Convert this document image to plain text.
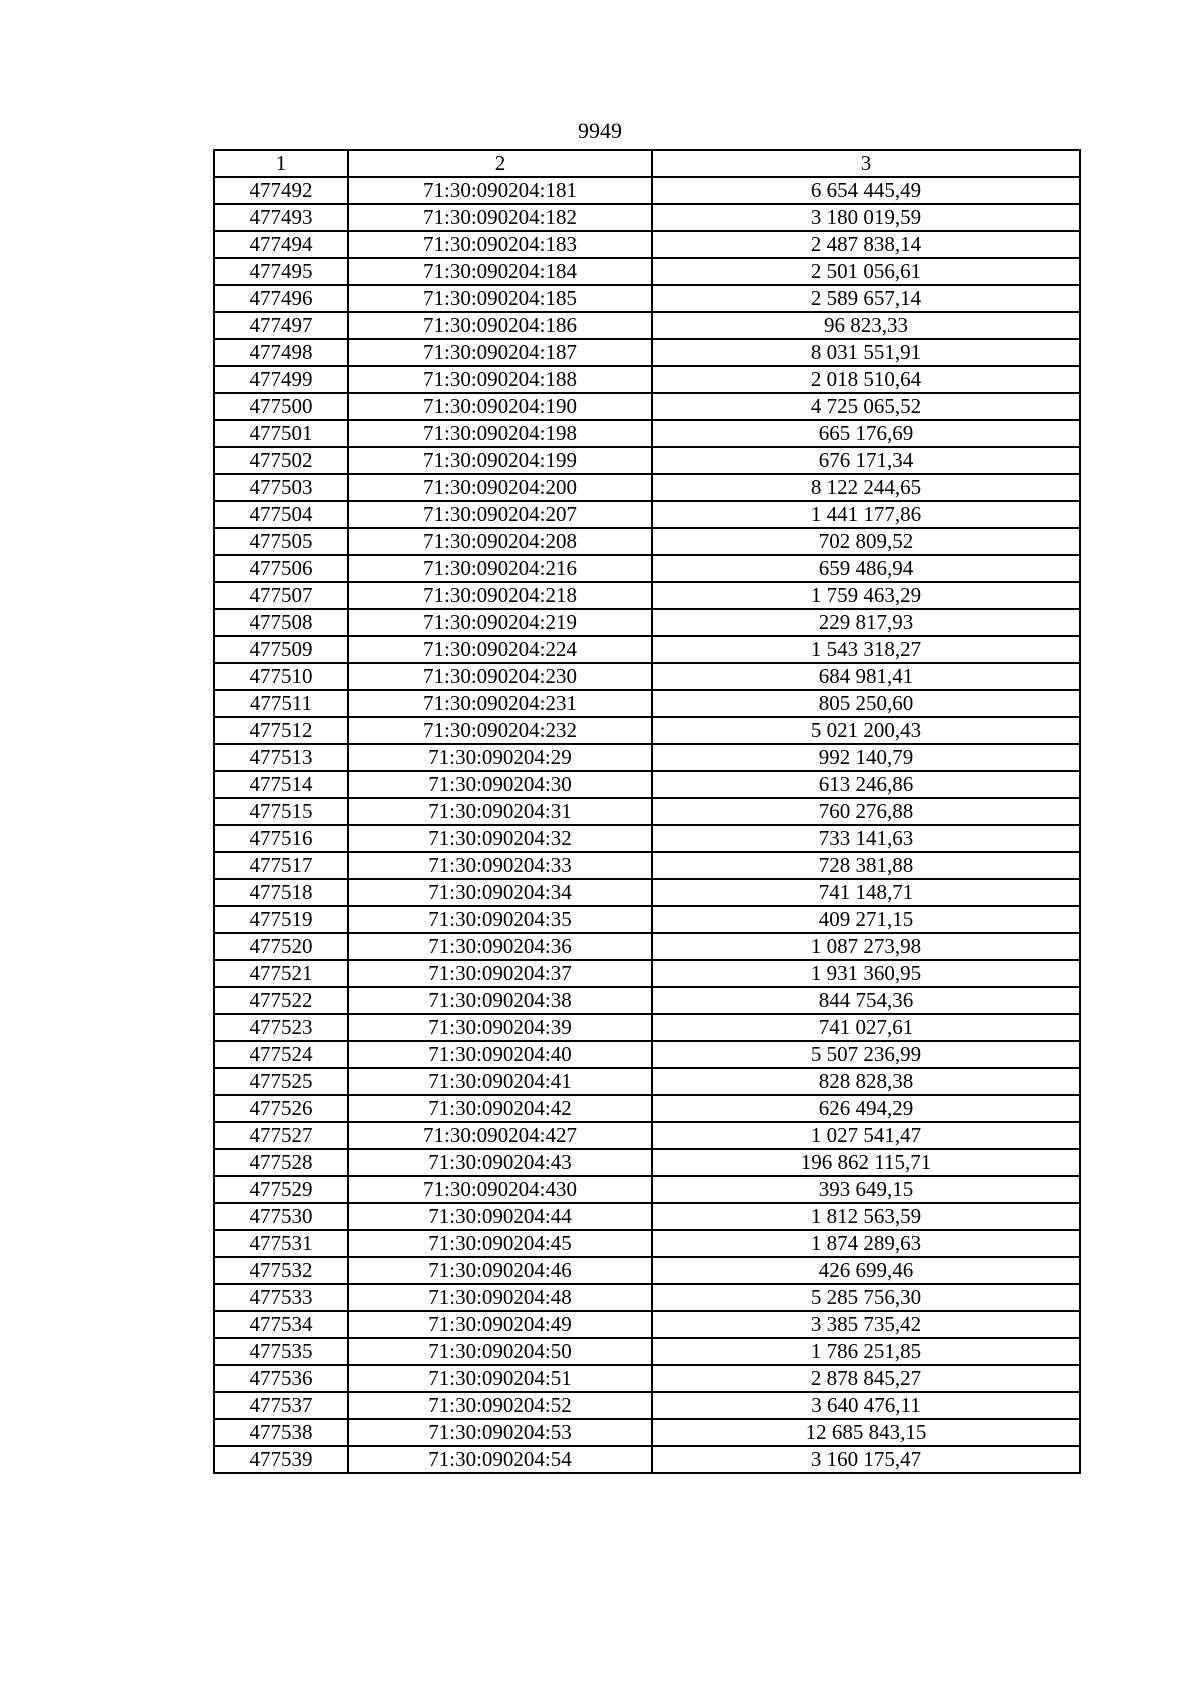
9949
1	2	3
477492	71:30:090204:181	6 654 445,49
477493	71:30:090204:182	3 180 019,59
477494	71:30:090204:183	2 487 838,14
477495	71:30:090204:184	2 501 056,61
477496	71:30:090204:185	2 589 657,14
477497	71:30:090204:186	96 823,33
477498	71:30:090204:187	8 031 551,91
477499	71:30:090204:188	2 018 510,64
477500	71:30:090204:190	4 725 065,52
477501	71:30:090204:198	665 176,69
477502	71:30:090204:199	676 171,34
477503	71:30:090204:200	8 122 244,65
477504	71:30:090204:207	1 441 177,86
477505	71:30:090204:208	702 809,52
477506	71:30:090204:216	659 486,94
477507	71:30:090204:218	1 759 463,29
477508	71:30:090204:219	229 817,93
477509	71:30:090204:224	1 543 318,27
477510	71:30:090204:230	684 981,41
477511	71:30:090204:231	805 250,60
477512	71:30:090204:232	5 021 200,43
477513	71:30:090204:29	992 140,79
477514	71:30:090204:30	613 246,86
477515	71:30:090204:31	760 276,88
477516	71:30:090204:32	733 141,63
477517	71:30:090204:33	728 381,88
477518	71:30:090204:34	741 148,71
477519	71:30:090204:35	409 271,15
477520	71:30:090204:36	1 087 273,98
477521	71:30:090204:37	1 931 360,95
477522	71:30:090204:38	844 754,36
477523	71:30:090204:39	741 027,61
477524	71:30:090204:40	5 507 236,99
477525	71:30:090204:41	828 828,38
477526	71:30:090204:42	626 494,29
477527	71:30:090204:427	1 027 541,47
477528	71:30:090204:43	196 862 115,71
477529	71:30:090204:430	393 649,15
477530	71:30:090204:44	1 812 563,59
477531	71:30:090204:45	1 874 289,63
477532	71:30:090204:46	426 699,46
477533	71:30:090204:48	5 285 756,30
477534	71:30:090204:49	3 385 735,42
477535	71:30:090204:50	1 786 251,85
477536	71:30:090204:51	2 878 845,27
477537	71:30:090204:52	3 640 476,11
477538	71:30:090204:53	12 685 843,15
477539	71:30:090204:54	3 160 175,47
